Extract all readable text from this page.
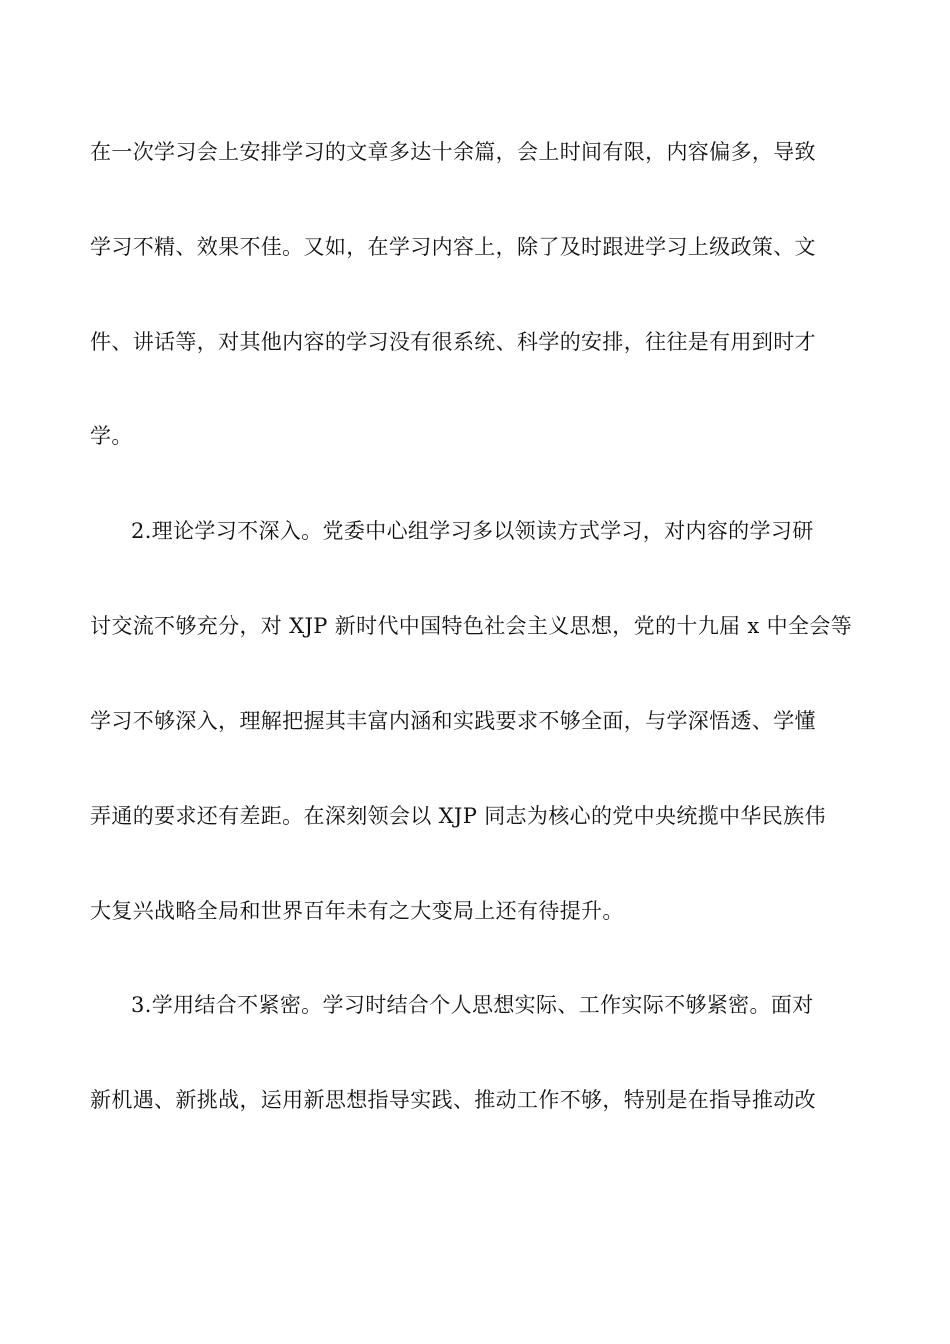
在一次学习会上安排学习的文章多达十余篇，会上时间有限，内容偏多，导致
学习不精、效果不佳。又如，在学习内容上，除了及时跟进学习上级政策、文
件、讲话等，对其他内容的学习没有很系统、科学的安排，往往是有用到时才
学。
2.理论学习不深入。党委中心组学习多以领读方式学习，对内容的学习研
讨交流不够充分，对 XJP 新时代中国特色社会主义思想，党的十九届 x 中全会等
学习不够深入，理解把握其丰富内涵和实践要求不够全面，与学深悟透、学懂
弄通的要求还有差距。在深刻领会以 XJP 同志为核心的党中央统揽中华民族伟
大复兴战略全局和世界百年未有之大变局上还有待提升。
3.学用结合不紧密。学习时结合个人思想实际、工作实际不够紧密。面对
新机遇、新挑战，运用新思想指导实践、推动工作不够，特别是在指导推动改
